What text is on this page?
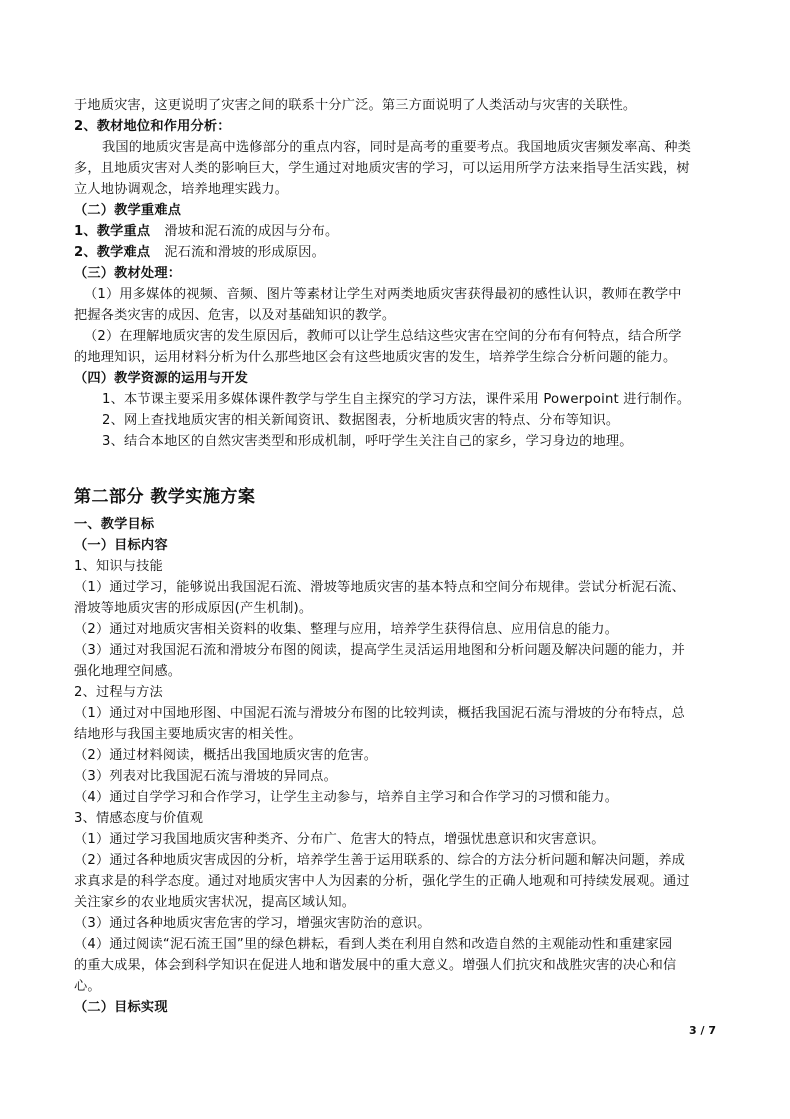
于地质灾害，这更说明了灾害之间的联系十分广泛。第三方面说明了人类活动与灾害的关联性。
2、教材地位和作用分析：
我国的地质灾害是高中选修部分的重点内容，同时是高考的重要考点。我国地质灾害频发率高、种类
多，且地质灾害对人类的影响巨大，学生通过对地质灾害的学习，可以运用所学方法来指导生活实践，树
立人地协调观念，培养地理实践力。
（二）教学重难点
1、教学重点 滑坡和泥石流的成因与分布。
2、教学难点 泥石流和滑坡的形成原因。
（三）教材处理：
（1）用多媒体的视频、音频、图片等素材让学生对两类地质灾害获得最初的感性认识，教师在教学中
把握各类灾害的成因、危害，以及对基础知识的教学。
（2）在理解地质灾害的发生原因后，教师可以让学生总结这些灾害在空间的分布有何特点，结合所学
的地理知识，运用材料分析为什么那些地区会有这些地质灾害的发生，培养学生综合分析问题的能力。
（四）教学资源的运用与开发
1、本节课主要采用多媒体课件教学与学生自主探究的学习方法，课件采用 Powerpoint 进行制作。
2、网上查找地质灾害的相关新闻资讯、数据图表，分析地质灾害的特点、分布等知识。
3、结合本地区的自然灾害类型和形成机制，呼吁学生关注自己的家乡，学习身边的地理。
第二部分 教学实施方案
一、教学目标
（一）目标内容
1、知识与技能
（1）通过学习，能够说出我国泥石流、滑坡等地质灾害的基本特点和空间分布规律。尝试分析泥石流、
滑坡等地质灾害的形成原因(产生机制)。
（2）通过对地质灾害相关资料的收集、整理与应用，培养学生获得信息、应用信息的能力。
（3）通过对我国泥石流和滑坡分布图的阅读，提高学生灵活运用地图和分析问题及解决问题的能力，并
强化地理空间感。
2、过程与方法
（1）通过对中国地形图、中国泥石流与滑坡分布图的比较判读，概括我国泥石流与滑坡的分布特点，总
结地形与我国主要地质灾害的相关性。
（2）通过材料阅读，概括出我国地质灾害的危害。
（3）列表对比我国泥石流与滑坡的异同点。
（4）通过自学学习和合作学习，让学生主动参与，培养自主学习和合作学习的习惯和能力。
3、情感态度与价值观
（1）通过学习我国地质灾害种类齐、分布广、危害大的特点，增强忧患意识和灾害意识。
（2）通过各种地质灾害成因的分析，培养学生善于运用联系的、综合的方法分析问题和解决问题，养成
求真求是的科学态度。通过对地质灾害中人为因素的分析，强化学生的正确人地观和可持续发展观。通过
关注家乡的农业地质灾害状况，提高区域认知。
（3）通过各种地质灾害危害的学习，增强灾害防治的意识。
（4）通过阅读“泥石流王国”里的绿色耕耘，看到人类在利用自然和改造自然的主观能动性和重建家园
的重大成果，体会到科学知识在促进人地和谐发展中的重大意义。增强人们抗灾和战胜灾害的决心和信
心。
（二）目标实现
3 / 7
